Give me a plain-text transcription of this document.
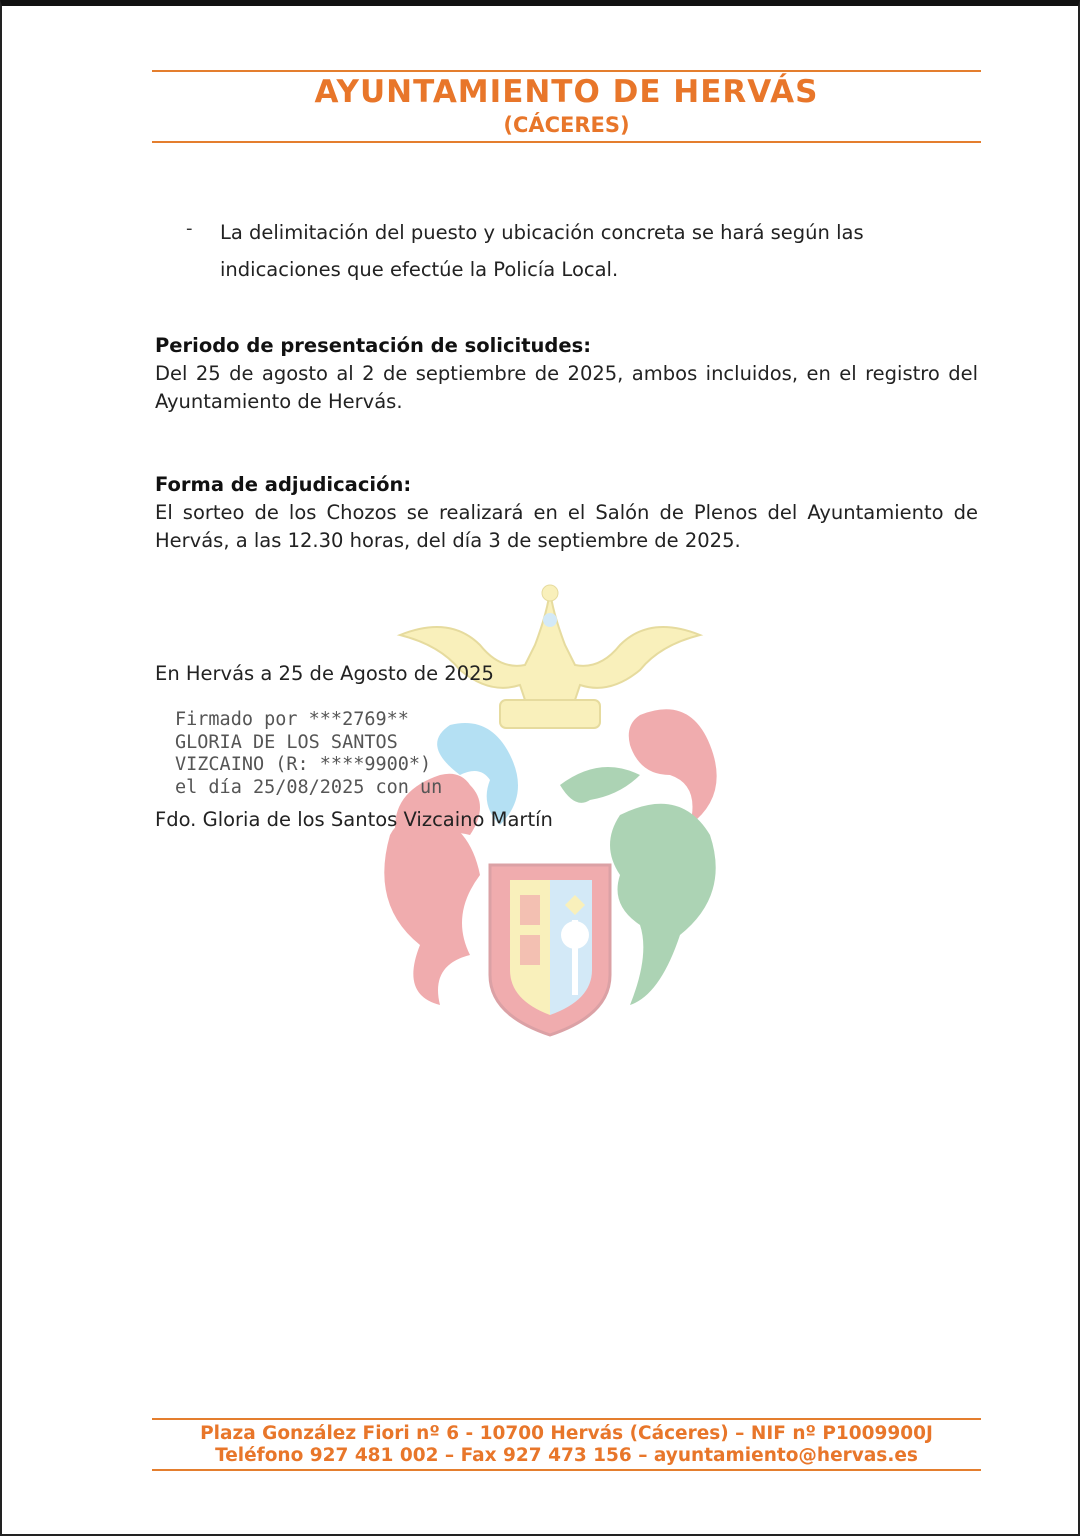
AYUNTAMIENTO DE HERVÁS
(CÁCERES)
- La delimitación del puesto y ubicación concreta se hará según las indicaciones que efectúe la Policía Local.
Periodo de presentación de solicitudes:
Del 25 de agosto al 2 de septiembre de 2025, ambos incluidos, en el registro del Ayuntamiento de Hervás.
Forma de adjudicación:
El sorteo de los Chozos se realizará en el Salón de Plenos del Ayuntamiento de Hervás, a las 12.30 horas, del día 3 de septiembre de 2025.
En Hervás a 25 de Agosto de 2025
Firmado por ***2769**
GLORIA DE LOS SANTOS
VIZCAINO (R: ****9900*)
el día 25/08/2025 con un
Fdo. Gloria de los Santos Vizcaino Martín
Plaza González Fiori nº 6 - 10700 Hervás (Cáceres) – NIF nº P1009900J
Teléfono 927 481 002 – Fax 927 473 156 – ayuntamiento@hervas.es
